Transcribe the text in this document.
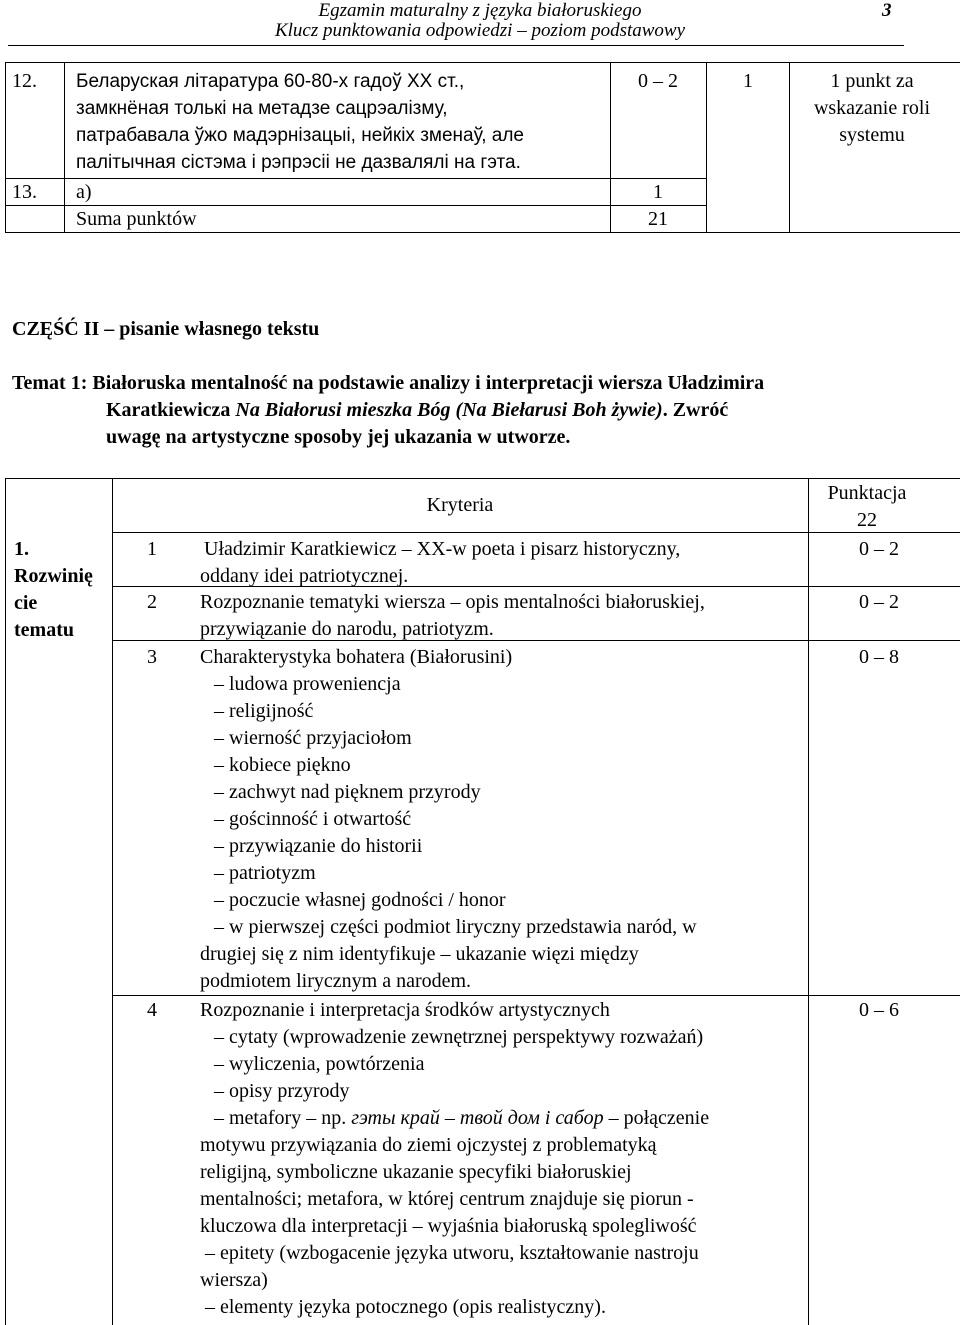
Egzamin maturalny z języka białoruskiego
Klucz punktowania odpowiedzi – poziom podstawowy
3
12. Беларуская літаратура 60-80-х гадоў ХХ ст.,
замкнёная толькі на метадзе сацрэалізму,
патрабавала ўжо мадэрнізацыі, нейкіх зменаў, але
палітычная сістэма і рэпрэсіі не дазвалялі на гэта.
0 – 2	1	1 punkt za
wskazanie roli
systemu
13. a)	1
Suma punktów	21
CZĘŚĆ II – pisanie własnego tekstu
Temat 1: Białoruska mentalność na podstawie analizy i interpretacji wiersza Uładzimira
Karatkiewicza Na Białorusi mieszka Bóg (Na Biełarusi Boh żywie). Zwróć
uwagę na artystyczne sposoby jej ukazania w utworze.
Kryteria
Punktacja
22
1.
Rozwinię
cie
tematu
1 Uładzimir Karatkiewicz – XX-w poeta i pisarz historyczny,
oddany idei patriotycznej.
0 – 2
2 Rozpoznanie tematyki wiersza – opis mentalności białoruskiej,
przywiązanie do narodu, patriotyzm.
0 – 2
3 Charakterystyka bohatera (Białorusini)
– ludowa proweniencja
– religijność
– wierność przyjaciołom
– kobiece piękno
– zachwyt nad pięknem przyrody
– gościnność i otwartość
– przywiązanie do historii
– patriotyzm
– poczucie własnej godności / honor
– w pierwszej części podmiot liryczny przedstawia naród, w
drugiej się z nim identyfikuje – ukazanie więzi między
podmiotem lirycznym a narodem.
0 – 8
4 Rozpoznanie i interpretacja środków artystycznych
– cytaty (wprowadzenie zewnętrznej perspektywy rozważań)
– wyliczenia, powtórzenia
– opisy przyrody
– metafory – np. гэты край – твой дом і сабор – połączenie
motywu przywiązania do ziemi ojczystej z problematyką
religijną, symboliczne ukazanie specyfiki białoruskiej
mentalności; metafora, w której centrum znajduje się piorun -
kluczowa dla interpretacji – wyjaśnia białoruską spolegliwość
– epitety (wzbogacenie języka utworu, kształtowanie nastroju
wiersza)
– elementy języka potocznego (opis realistyczny).
0 – 6
